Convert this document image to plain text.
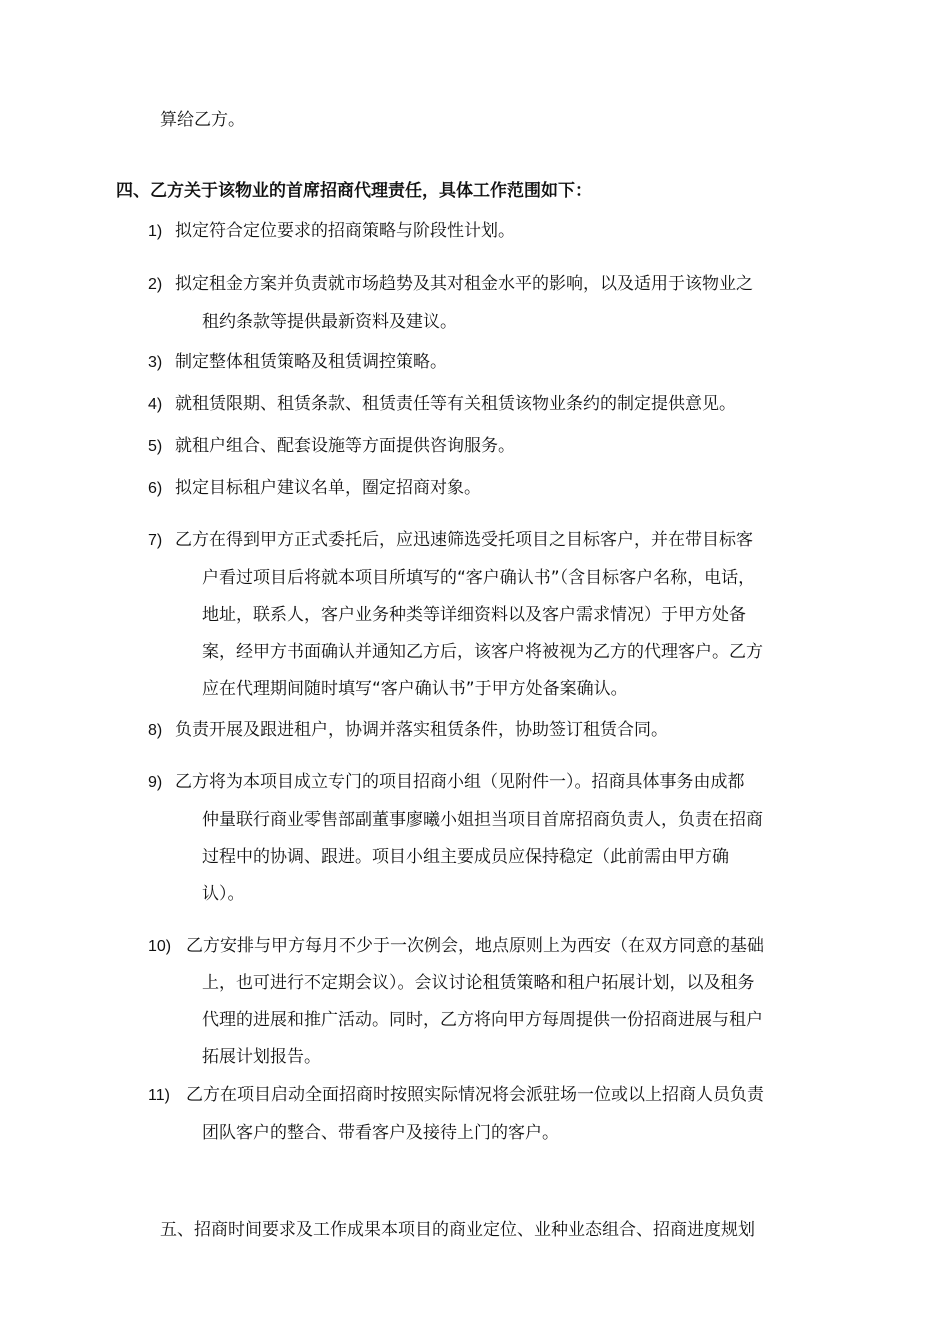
算给乙方。
四、乙方关于该物业的首席招商代理责任，具体工作范围如下：
1) 拟定符合定位要求的招商策略与阶段性计划。
2) 拟定租金方案并负责就市场趋势及其对租金水平的影响，以及适用于该物业之
租约条款等提供最新资料及建议。
3) 制定整体租赁策略及租赁调控策略。
4) 就租赁限期、租赁条款、租赁责任等有关租赁该物业条约的制定提供意见。
5) 就租户组合、配套设施等方面提供咨询服务。
6) 拟定目标租户建议名单，圈定招商对象。
7) 乙方在得到甲方正式委托后，应迅速筛选受托项目之目标客户，并在带目标客
户看过项目后将就本项目所填写的“客户确认书”（含目标客户名称，电话，
地址，联系人，客户业务种类等详细资料以及客户需求情况）于甲方处备
案，经甲方书面确认并通知乙方后，该客户将被视为乙方的代理客户。乙方
应在代理期间随时填写“客户确认书”于甲方处备案确认。
8) 负责开展及跟进租户，协调并落实租赁条件，协助签订租赁合同。
9) 乙方将为本项目成立专门的项目招商小组（见附件一）。招商具体事务由成都
仲量联行商业零售部副董事廖曦小姐担当项目首席招商负责人，负责在招商
过程中的协调、跟进。项目小组主要成员应保持稳定（此前需由甲方确
认）。
10) 乙方安排与甲方每月不少于一次例会，地点原则上为西安（在双方同意的基础
上，也可进行不定期会议）。会议讨论租赁策略和租户拓展计划，以及租务
代理的进展和推广活动。同时，乙方将向甲方每周提供一份招商进展与租户
拓展计划报告。
11) 乙方在项目启动全面招商时按照实际情况将会派驻场一位或以上招商人员负责
团队客户的整合、带看客户及接待上门的客户。
五、招商时间要求及工作成果本项目的商业定位、业种业态组合、招商进度规划
